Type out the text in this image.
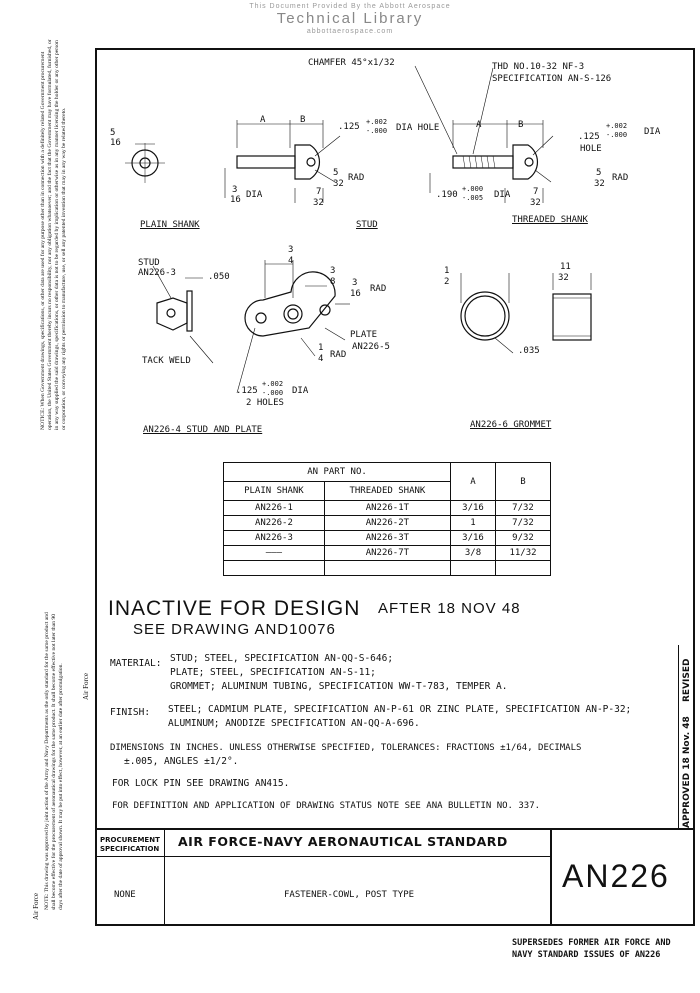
This Document Provided By the Abbott Aerospace
Technical Library
abbottaerospace.com
NOTICE: When Government drawings, specifications, or other data are used for any purpose other than in connection with a definitely related Government procurement operation, the United States Government thereby incurs no responsibility, nor any obligation whatsoever; and the fact that the Government may have formulated, furnished, or in any way supplied the said drawings, specifications, or other data is not to be regarded by implication or otherwise as in any manner licensing the holder or any other person or corporation, or conveying any rights or permission to manufacture, use, or sell any patented invention that may in any way be related thereto.
Air Force
NOTE: This drawing was approved by joint action of the Army and Navy Departments as the only standard for the same product and shall become effective for the procurement of aeronautical drawings for the same product. It shall become effective not later than 90 days after the date of approval shown. It may be put into effect, however, at an earlier date after promulgation.
Air Force
CHAMFER 45°x1/32	THD NO.10-32 NF-3
SPECIFICATION AN-S-126
5
16
A	B
.125 +.002
-.000 DIA HOLE
5
32
RAD
3
16 DIA	7
32
A	B
.125
+.002
-.000 DIA
HOLE
5
32
RAD
.190
+.000
-.005 DIA	7
32
PLAIN SHANK	STUD	THREADED SHANK
STUD
AN226-3	.050
3
4
3
8 3
16 RAD
PLATE
AN226-5
1
4 RAD
TACK WELD
.125
+.002
-.000 DIA
2 HOLES
AN226-4 STUD AND PLATE
1
2
11
32
.035
AN226-6 GROMMET
AN PART NO.		A	B
PLAIN SHANK	THREADED SHANK		
AN226-1	AN226-1T	3/16	7/32
AN226-2	AN226-2T	1	7/32
AN226-3	AN226-3T	3/16	9/32
———	AN226-7T	3/8	11/32

INACTIVE FOR DESIGN AFTER 18 NOV 48
SEE DRAWING AND10076
MATERIAL: STUD; STEEL, SPECIFICATION AN-QQ-S-646;
PLATE; STEEL, SPECIFICATION AN-S-11;
GROMMET; ALUMINUM TUBING, SPECIFICATION WW-T-783, TEMPER A.
FINISH: STEEL; CADMIUM PLATE, SPECIFICATION AN-P-61 OR ZINC PLATE, SPECIFICATION AN-P-32;
ALUMINUM; ANODIZE SPECIFICATION AN-QQ-A-696.
DIMENSIONS IN INCHES. UNLESS OTHERWISE SPECIFIED, TOLERANCES: FRACTIONS ±1/64, DECIMALS
±.005, ANGLES ±1/2°.
FOR LOCK PIN SEE DRAWING AN415.
FOR DEFINITION AND APPLICATION OF DRAWING STATUS NOTE SEE ANA BULLETIN NO. 337.
REVISED
APPROVED 18 Nov. 48
PROCUREMENT
SPECIFICATION AIR FORCE-NAVY AERONAUTICAL STANDARD
NONE	FASTENER-COWL, POST TYPE
AN226
SUPERSEDES FORMER AIR FORCE AND
NAVY STANDARD ISSUES OF AN226
